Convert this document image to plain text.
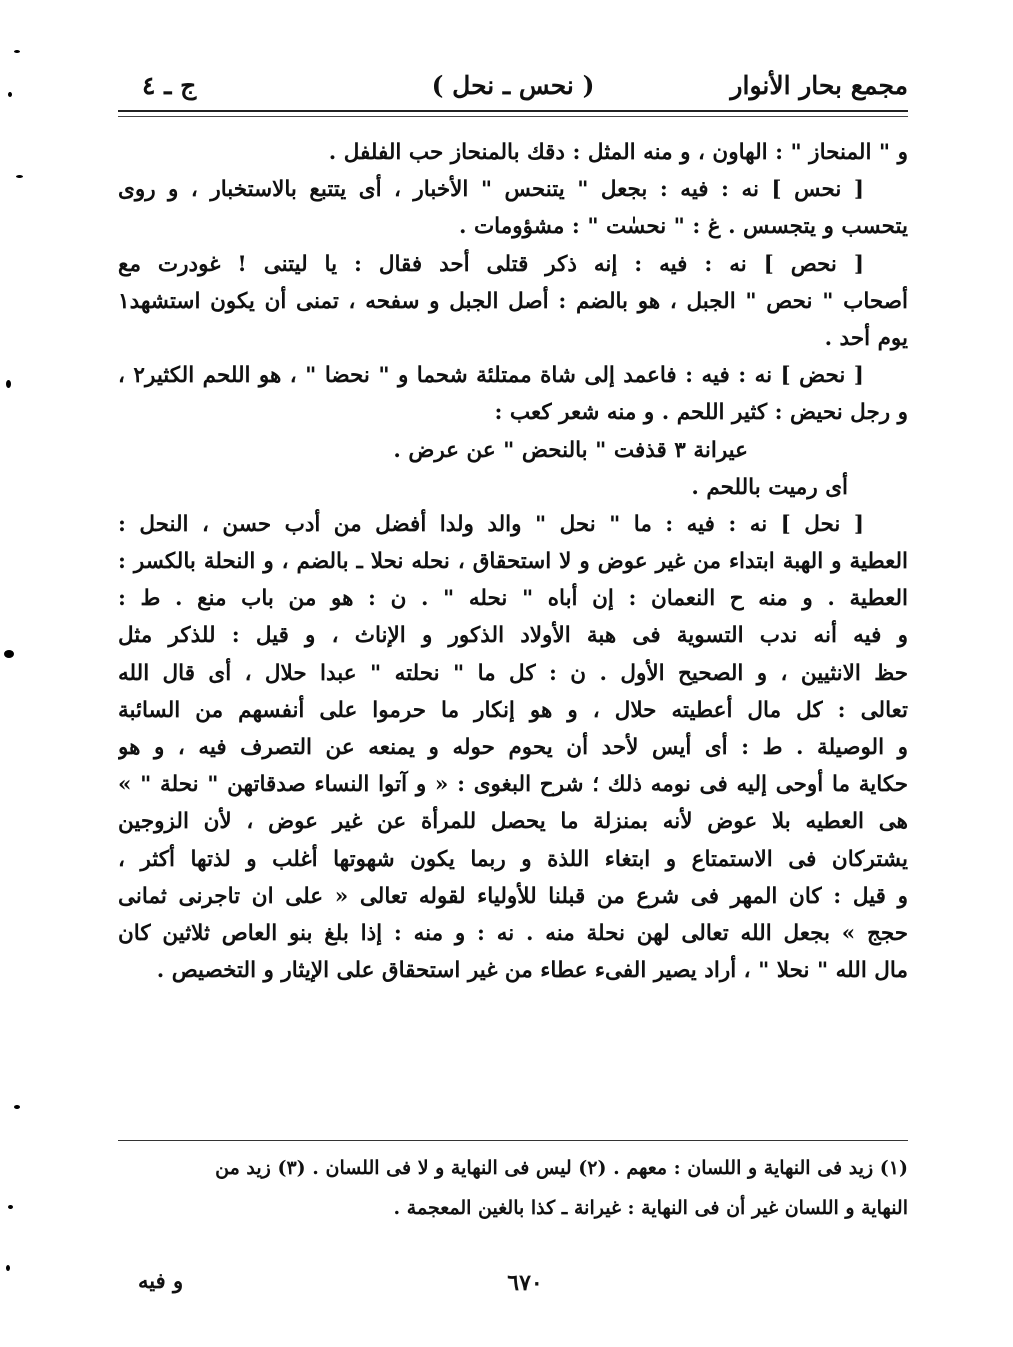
مجمع بحار الأنوار
( نحس ـ نحل )
ج ـ ٤
و " المنحاز " : الهاون ، و منه المثل : دقك بالمنحاز حب الفلفل .
[ نحس ] نه : فيه : بجعل " يتنحس " الأخبار ، أى يتتبع بالاستخبار ، و روى
يتحسب و يتجسس . غ : " نحسٰت " : مشؤومات .
[ نحص ] نه : فيه : إنه ذكر قتلى أحد فقال : يا ليتنى ! غودرت مع
أصحاب " نحص " الجبل ، هو بالضم : أصل الجبل و سفحه ، تمنى أن يكون استشهد١
يوم أحد .
[ نحض ] نه : فيه : فاعمد إلى شاة ممتلئة شحما و " نحضا " ، هو اللحم الكثير٢ ،
و رجل نحيض : كثير اللحم . و منه شعر كعب :
عيرانة ٣ قذفت " بالنحض " عن عرض .
أى رميت باللحم .
[ نحل ] نه : فيه : ما " نحل " والد ولدا أفضل من أدب حسن ، النحل :
العطية و الهبة ابتداء من غير عوض و لا استحقاق ، نحله نحلا ـ بالضم ، و النحلة بالكسر :
العطية . و منه ح النعمان : إن أباه " نحله " . ن : هو من باب منع . ط :
و فيه أنه ندب التسوية فى هبة الأولاد الذكور و الإناث ، و قيل : للذكر مثل
حظ الانثيين ، و الصحيح الأول . ن : كل ما " نحلته " عبدا حلال ، أى قال الله
تعالى : كل مال أعطيته حلال ، و هو إنكار ما حرموا على أنفسهم من السائبة
و الوصيلة . ط : أى أيس لأحد أن يحوم حوله و يمنعه عن التصرف فيه ، و هو
حكاية ما أوحى إليه فى نومه ذلك ؛ شرح البغوى : « و آتوا النساء صدقاتهن " نحلة " »
هى العطيه بلا عوض لأنه بمنزلة ما يحصل للمرأة عن غير عوض ، لأن الزوجين
يشتركان فى الاستمتاع و ابتغاء اللذة و ربما يكون شهوتها أغلب و لذتها أكثر ،
و قيل : كان المهر فى شرع من قبلنا للأولياء لقوله تعالى « على ان تاجرنى ثمانى
حجج » بجعل الله تعالى لهن نحلة منه . نه : و منه : إذا بلغ بنو العاص ثلاثين كان
مال الله " نحلا " ، أراد يصير الفىء عطاء من غير استحقاق على الإيثار و التخصيص .
(١) زيد فى النهاية و اللسان : معهم . (٢) ليس فى النهاية و لا فى اللسان . (٣) زيد من
النهاية و اللسان غير أن فى النهاية : غيرانة ـ كذا بالغين المعجمة .
٦٧٠
و فيه
